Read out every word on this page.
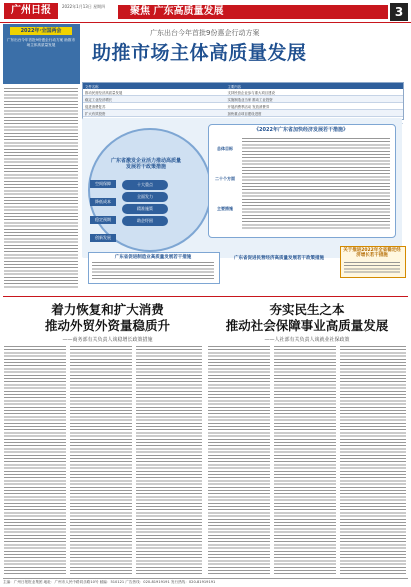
广州日报	2022年1月13日 星期四	聚焦 广东高质量发展	3
2022年·全国两会
广东出台今年首批9份惠企行动方案 助推市场主体高质量发展
广东出台今年首批9份惠企行动方案
助推市场主体高质量发展
文件名称	主要内容
推动民营经济高质量发展	支持民营企业参与重大项目建设
稳定工业经济增长	实施制造业当家 推动工业投资
促进消费复苏	开展消费季活动 发放消费券
扩大有效投资	加快重点项目建设进度

广东省激发企业活力推动高质量发展若干政策措施
十大重点
全面发力
精准施策
助企纾困
空间保障
降低成本
稳定预期
创新发展
《2022年广东省加快经济发展若干措施》
总体目标
二十个方面
主要措施
关于推进2022年全省稳定经济增长若干措施
广东省促进制造业高质量发展若干措施	广东省促进民营经济高质量发展若干政策措施
着力恢复和扩大消费
推动外贸外资量稳质升
——商务部有关负责人谈稳增长政策措施
夯实民生之本
推动社会保障事业高质量发展
——人社部有关负责人谈就业社保政策
主编：广州日报报业集团 地址：广州市人民中路同乐路10号 邮编：510121 广告热线：020-81919191 发行热线：020-81919191
